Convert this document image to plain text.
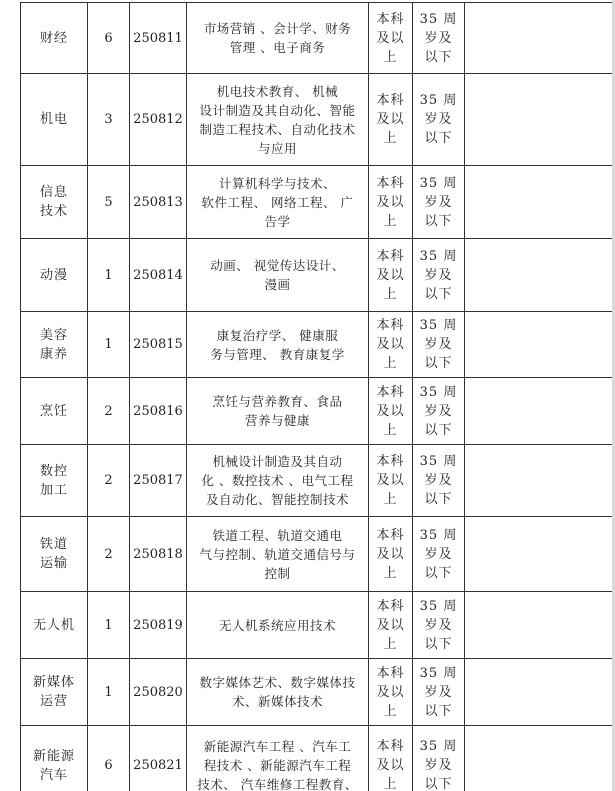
财经	6	250811	市场营销 、会计学、财务
管理 、电子商务	本科
及以
上	35 周
岁及
以下	

机电	3	250812	机电技术教育、 机械
设计制造及其自动化、智能
制造工程技术、自动化技术
与应用	本科
及以
上	35 周
岁及
以下	

信息
技术	5	250813	计算机科学与技术、
软件工程、 网络工程、 广
告学	本科
及以
上	35 周
岁及
以下	

动漫	1	250814	动画、 视觉传达设计、
漫画	本科
及以
上	35 周
岁及
以下	

美容
康养	1	250815	康复治疗学、 健康服
务与管理、 教育康复学	本科
及以
上	35 周
岁及
以下	

烹饪	2	250816	烹饪与营养教育、食品
营养与健康	本科
及以
上	35 周
岁及
以下	

数控
加工	2	250817	机械设计制造及其自动
化 、数控技术 、电气工程
及自动化、智能控制技术	本科
及以
上	35 周
岁及
以下	

铁道
运输	2	250818	铁道工程、轨道交通电
气与控制、轨道交通信号与
控制	本科
及以
上	35 周
岁及
以下	

无人机	1	250819	无人机系统应用技术	本科
及以
上	35 周
岁及
以下	

新媒体
运营	1	250820	数字媒体艺术、数字媒体技
术、新媒体技术	本科
及以
上	35 周
岁及
以下	

新能源
汽车	6	250821	新能源汽车工程 、汽车工
程技术 、新能源汽车工程
技术、 汽车维修工程教育、	本科
及以
上	35 周
岁及
以下	
